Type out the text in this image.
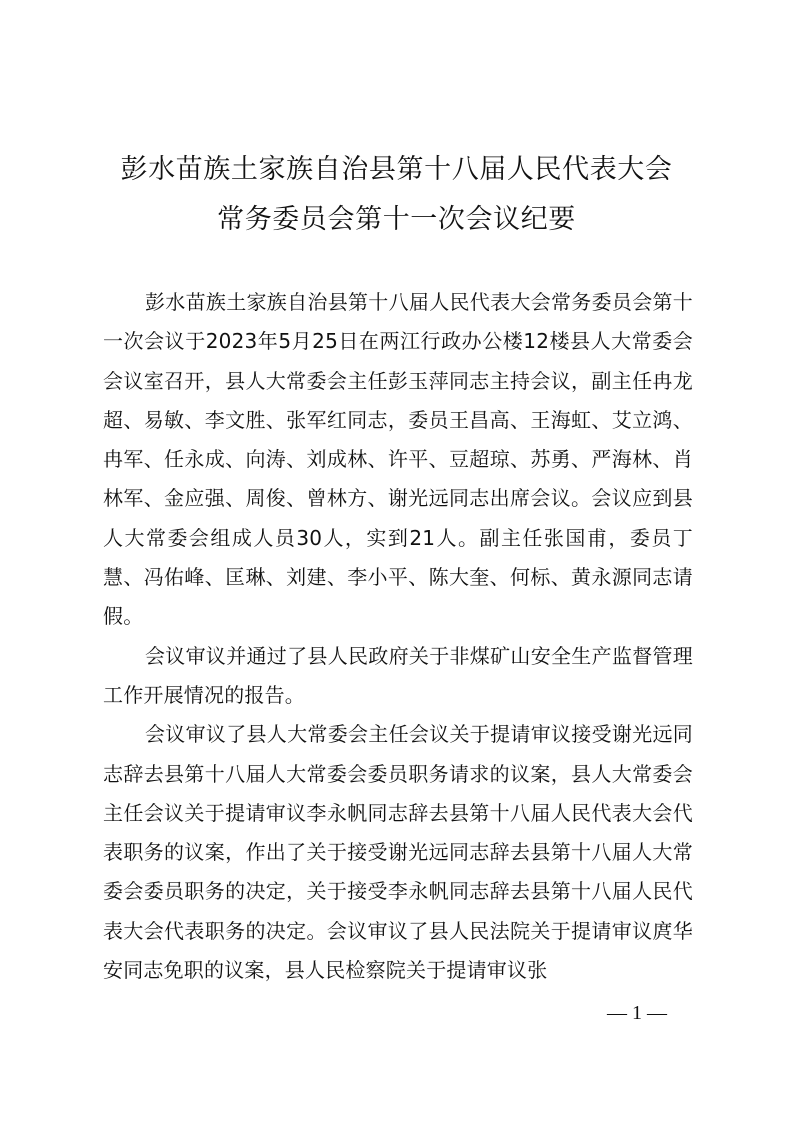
彭水苗族土家族自治县第十八届人民代表大会
常务委员会第十一次会议纪要

彭水苗族土家族自治县第十八届人民代表大会常务委员会第十一次会议于2023年5月25日在两江行政办公楼12楼县人大常委会会议室召开，县人大常委会主任彭玉萍同志主持会议，副主任冉龙超、易敏、李文胜、张军红同志，委员王昌高、王海虹、艾立鸿、冉军、任永成、向涛、刘成林、许平、豆超琼、苏勇、严海林、肖林军、金应强、周俊、曾林方、谢光远同志出席会议。会议应到县人大常委会组成人员30人，实到21人。副主任张国甫，委员丁慧、冯佑峰、匡琳、刘建、李小平、陈大奎、何标、黄永源同志请假。

会议审议并通过了县人民政府关于非煤矿山安全生产监督管理工作开展情况的报告。

会议审议了县人大常委会主任会议关于提请审议接受谢光远同志辞去县第十八届人大常委会委员职务请求的议案，县人大常委会主任会议关于提请审议李永帆同志辞去县第十八届人民代表大会代表职务的议案，作出了关于接受谢光远同志辞去县第十八届人大常委会委员职务的决定，关于接受李永帆同志辞去县第十八届人民代表大会代表职务的决定。会议审议了县人民法院关于提请审议庹华安同志免职的议案，县人民检察院关于提请审议张

— 1 —
